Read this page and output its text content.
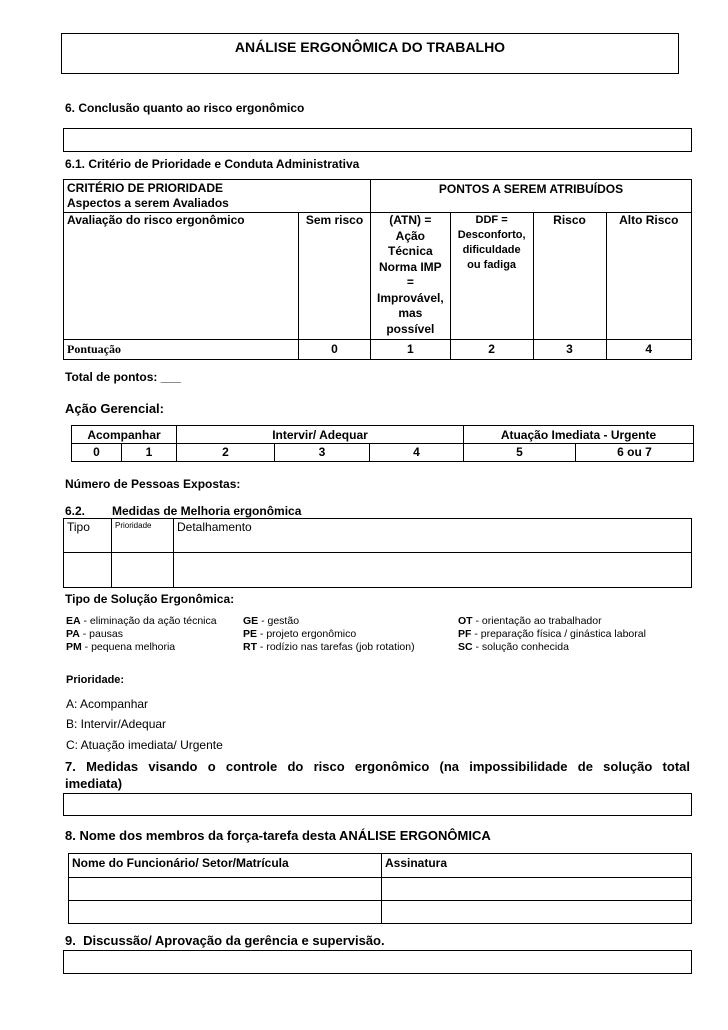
ANÁLISE ERGONÔMICA DO TRABALHO
6. Conclusão quanto ao risco ergonômico
6.1. Critério de Prioridade e Conduta Administrativa
CRITÉRIO DE PRIORIDADE
Aspectos a serem Avaliados		PONTOS A SEREM ATRIBUÍDOS			
Avaliação do risco ergonômico	Sem risco	(ATN) = Ação Técnica Norma IMP = Improvável, mas possível	DDF = Desconforto, dificuldade ou fadiga	Risco	Alto Risco
Pontuação	0	1	2	3	4
Total de pontos: ___
Ação Gerencial:
Acompanhar		Intervir/ Adequar			Atuação Imediata - Urgente	
0	1	2	3	4	5	6 ou 7
Número de Pessoas Expostas:
6.2. Medidas de Melhoria ergonômica
Tipo	Prioridade	Detalhamento

Tipo de Solução Ergonômica:
EA - eliminação da ação técnica	GE - gestão	OT - orientação ao trabalhador
PA - pausas	PE - projeto ergonômico	PF - preparação física / ginástica laboral
PM - pequena melhoria	RT - rodízio nas tarefas (job rotation)	SC - solução conhecida
Prioridade:
A: Acompanhar
B: Intervir/Adequar
C: Atuação imediata/ Urgente
7. Medidas visando o controle do risco ergonômico (na impossibilidade de solução total imediata)
8. Nome dos membros da força-tarefa desta ANÁLISE ERGONÔMICA
Nome do Funcionário/ Setor/Matrícula	Assinatura

9.  Discussão/ Aprovação da gerência e supervisão.
